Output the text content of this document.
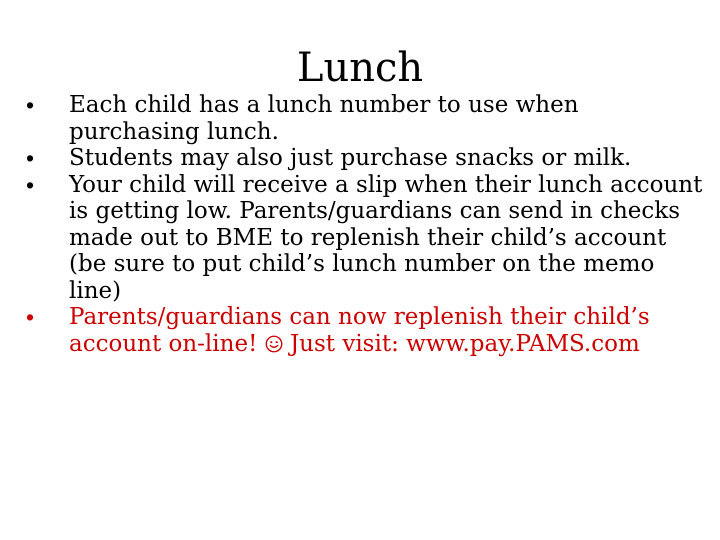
Lunch
• Each child has a lunch number to use when purchasing lunch.
• Students may also just purchase snacks or milk.
• Your child will receive a slip when their lunch account is getting low. Parents/guardians can send in checks made out to BME to replenish their child’s account (be sure to put child’s lunch number on the memo line)
• Parents/guardians can now replenish their child’s account on-line! Just visit: www.pay.PAMS.com
